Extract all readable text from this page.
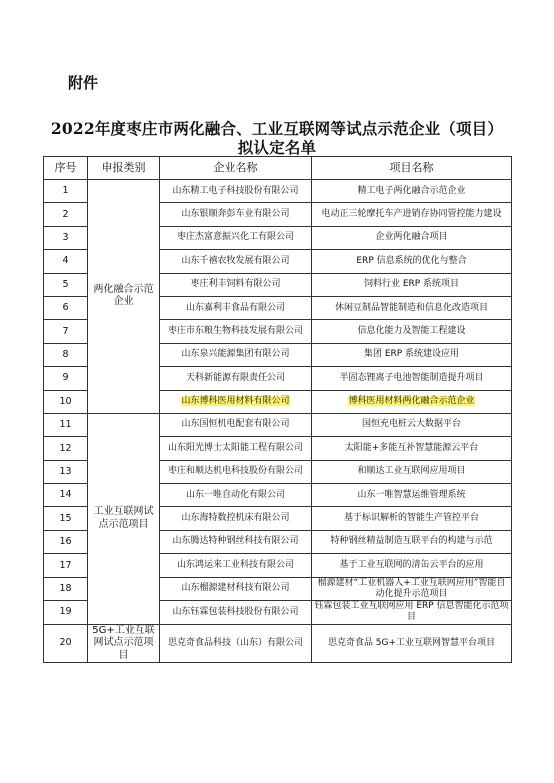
附件
2022年度枣庄市两化融合、工业互联网等试点示范企业（项目）
拟认定名单
序号	申报类别	企业名称	项目名称
1	两化融合示范企业	山东精工电子科技股份有限公司	精工电子两化融合示范企业
2		山东银顺奔彭车业有限公司	电动正三轮摩托车产进销存协同管控能力建设
3		枣庄杰富意振兴化工有限公司	企业两化融合项目
4		山东千禧农牧发展有限公司	ERP 信息系统的优化与整合
5		枣庄利丰饲料有限公司	饲料行业 ERP 系统项目
6		山东嘉利丰食品有限公司	休闲豆制品智能制造和信息化改造项目
7		枣庄市东粮生物科技发展有限公司	信息化能力及智能工程建设
8		山东泉兴能源集团有限公司	集团 ERP 系统建设应用
9		天科新能源有限责任公司	半固态锂离子电池智能制造提升项目
10		山东博科医用材料有限公司	博科医用材料两化融合示范企业
11	工业互联网试点示范项目	山东国恒机电配套有限公司	国恒充电桩云大数据平台
12		山东阳光博士太阳能工程有限公司	太阳能+多能互补智慧能源云平台
13		枣庄和顺达机电科技股份有限公司	和顺达工业互联网应用项目
14		山东一唯自动化有限公司	山东一唯智慧运维管理系统
15		山东海特数控机床有限公司	基于标识解析的智能生产管控平台
16		山东腾达特种钢丝科技有限公司	特种钢丝精益制造互联平台的构建与示范
17		山东鸿运来工业科技有限公司	基于工业互联网的清缶云平台的应用
18		山东榴源建材科技有限公司	榴源建材“工业机器人+工业互联网应用”智能自动化提升示范项目
19		山东钰霖包装科技股份有限公司	钰霖包装工业互联网应用 ERP 信息智能化示范项目
20	5G+工业互联网试点示范项目	思克奇食品科技（山东）有限公司	思克奇食品 5G+工业互联网智慧平台项目
